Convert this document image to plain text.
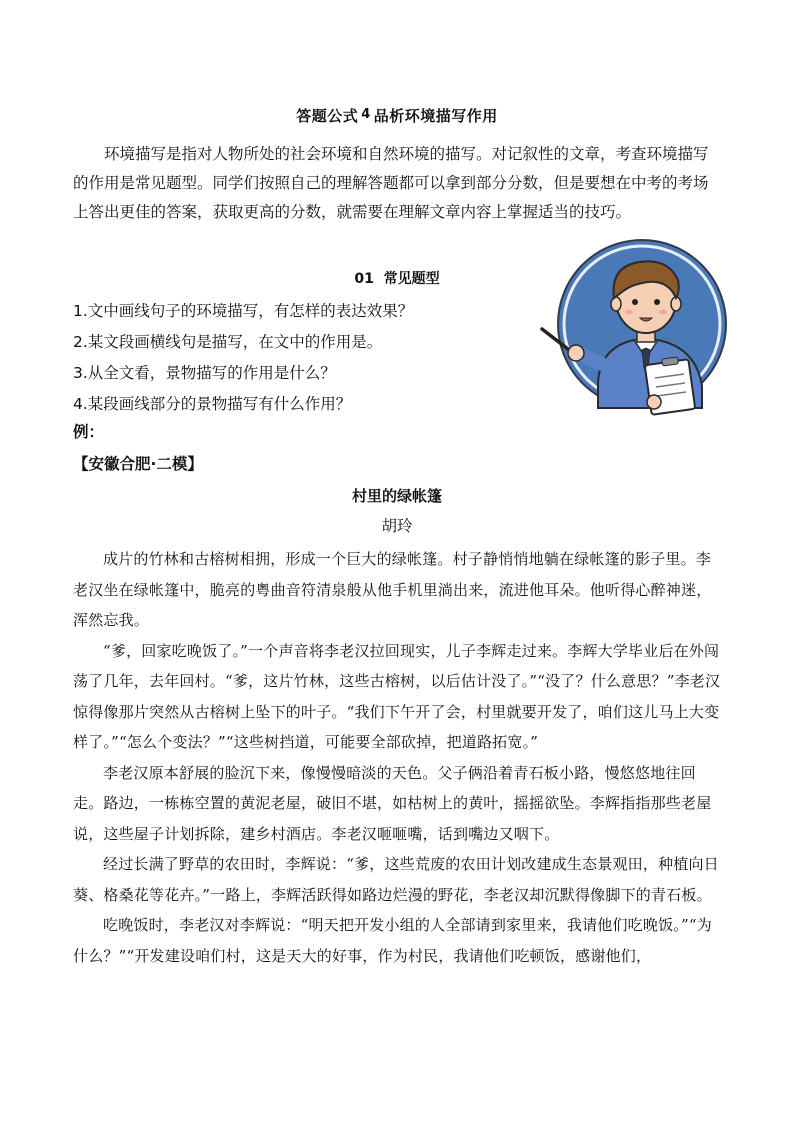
答题公式 4 品析环境描写作用

环境描写是指对人物所处的社会环境和自然环境的描写。对记叙性的文章，考查环境描写的作用是常见题型。同学们按照自己的理解答题都可以拿到部分分数，但是要想在中考的考场上答出更佳的答案，获取更高的分数，就需要在理解文章内容上掌握适当的技巧。

01  常见题型
1.文中画线句子的环境描写，有怎样的表达效果？
2.某文段画横线句是描写，在文中的作用是。
3.从全文看，景物描写的作用是什么？
4.某段画线部分的景物描写有什么作用？
例：
【安徽合肥·二模】
村里的绿帐篷
胡玲

成片的竹林和古榕树相拥，形成一个巨大的绿帐篷。村子静悄悄地躺在绿帐篷的影子里。李老汉坐在绿帐篷中，脆亮的粤曲音符清泉般从他手机里淌出来，流进他耳朵。他听得心醉神迷，浑然忘我。

“爹，回家吃晚饭了。”一个声音将李老汉拉回现实，儿子李辉走过来。李辉大学毕业后在外闯荡了几年，去年回村。“爹，这片竹林，这些古榕树，以后估计没了。”“没了？什么意思？”李老汉惊得像那片突然从古榕树上坠下的叶子。“我们下午开了会，村里就要开发了，咱们这儿马上大变样了。”“怎么个变法？”“这些树挡道，可能要全部砍掉，把道路拓宽。”

李老汉原本舒展的脸沉下来，像慢慢暗淡的天色。父子俩沿着青石板小路，慢悠悠地往回走。路边，一栋栋空置的黄泥老屋，破旧不堪，如枯树上的黄叶，摇摇欲坠。李辉指指那些老屋说，这些屋子计划拆除，建乡村酒店。李老汉咂咂嘴，话到嘴边又咽下。

经过长满了野草的农田时，李辉说：“爹，这些荒废的农田计划改建成生态景观田，种植向日葵、格桑花等花卉。”一路上，李辉活跃得如路边烂漫的野花，李老汉却沉默得像脚下的青石板。

吃晚饭时，李老汉对李辉说：“明天把开发小组的人全部请到家里来，我请他们吃晚饭。”“为什么？”“开发建设咱们村，这是天大的好事，作为村民，我请他们吃顿饭，感谢他们，
